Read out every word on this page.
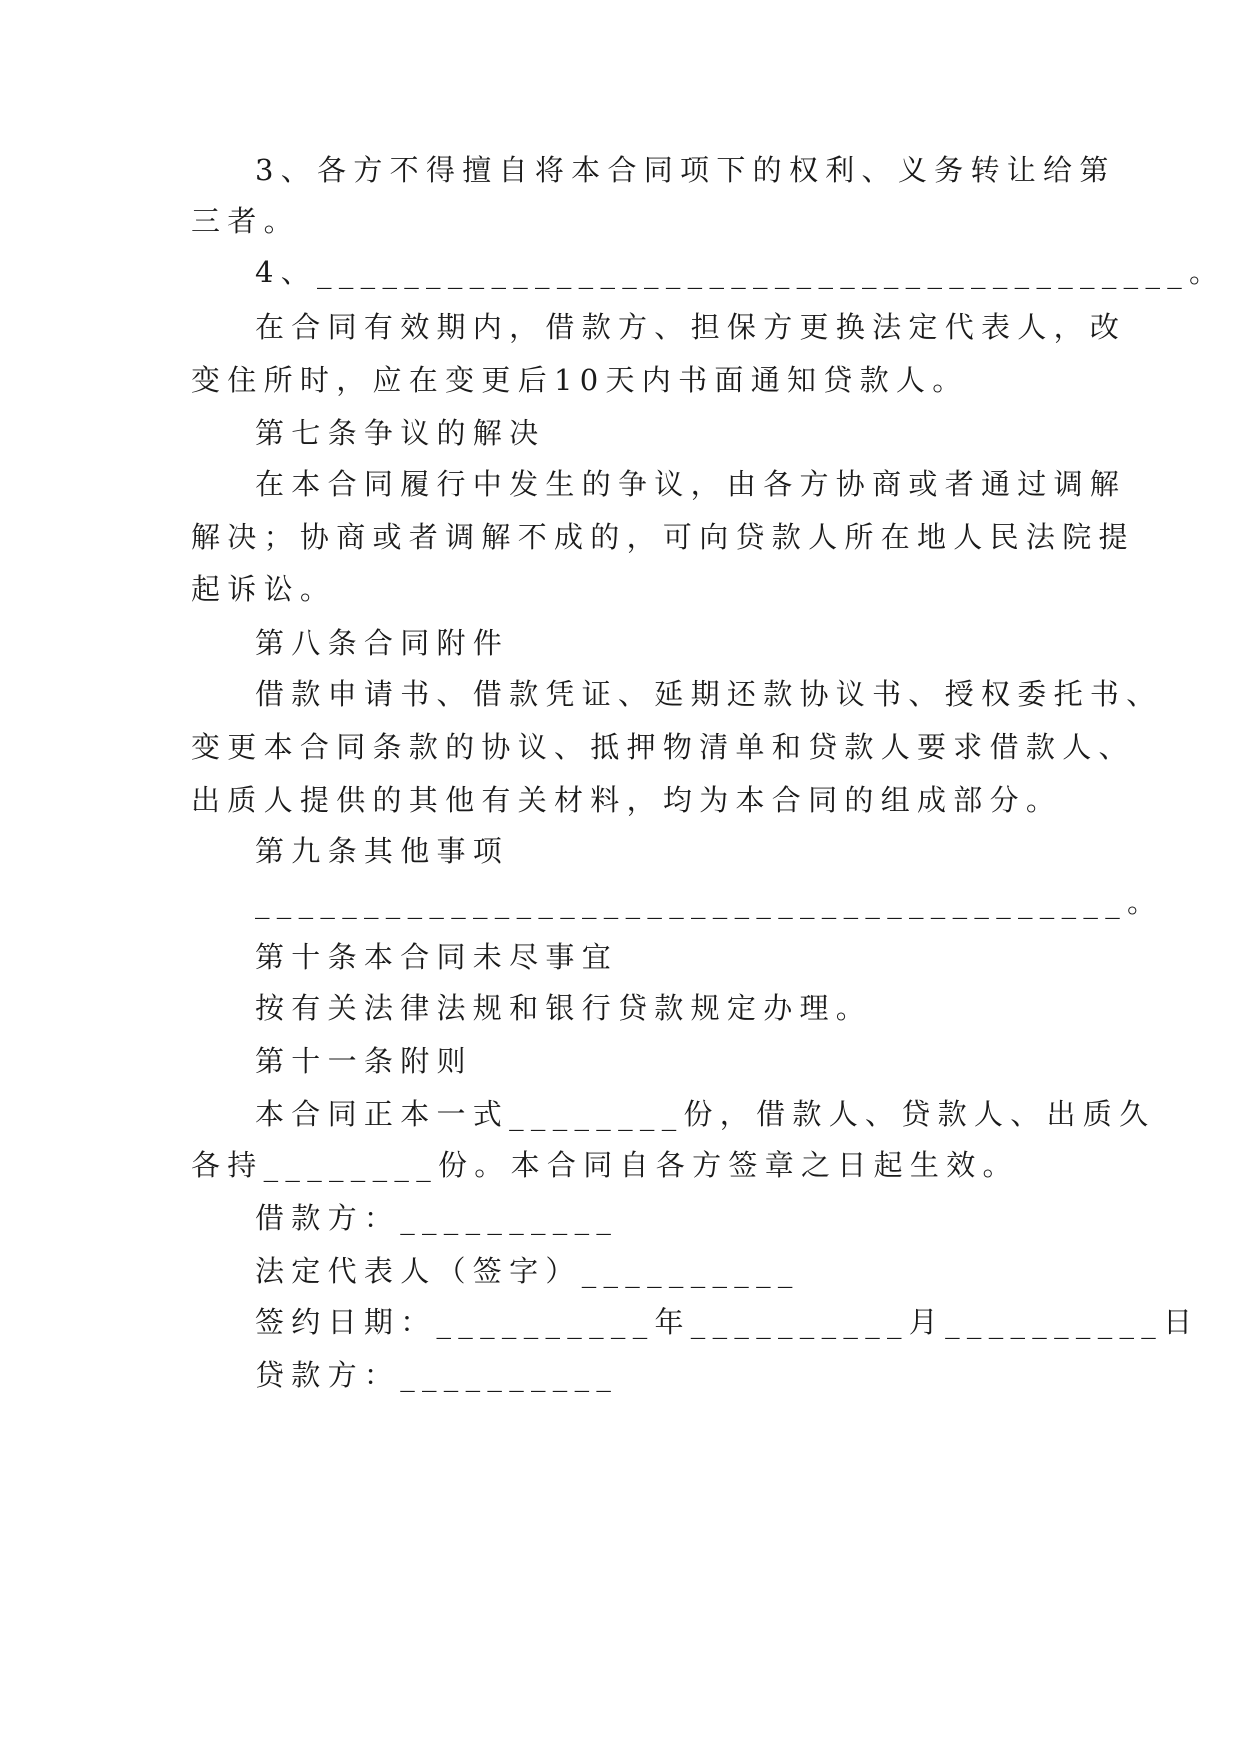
3、各方不得擅自将本合同项下的权利、义务转让给第
三者。
4、________________________________________。
在合同有效期内，借款方、担保方更换法定代表人，改
变住所时，应在变更后10天内书面通知贷款人。
第七条争议的解决
在本合同履行中发生的争议，由各方协商或者通过调解
解决；协商或者调解不成的，可向贷款人所在地人民法院提
起诉讼。
第八条合同附件
借款申请书、借款凭证、延期还款协议书、授权委托书、
变更本合同条款的协议、抵押物清单和贷款人要求借款人、
出质人提供的其他有关材料，均为本合同的组成部分。
第九条其他事项
________________________________________。
第十条本合同未尽事宜
按有关法律法规和银行贷款规定办理。
第十一条附则
本合同正本一式________份，借款人、贷款人、出质久
各持________份。本合同自各方签章之日起生效。
借款方：__________
法定代表人（签字）__________
签约日期：__________年__________月__________日
贷款方：__________
